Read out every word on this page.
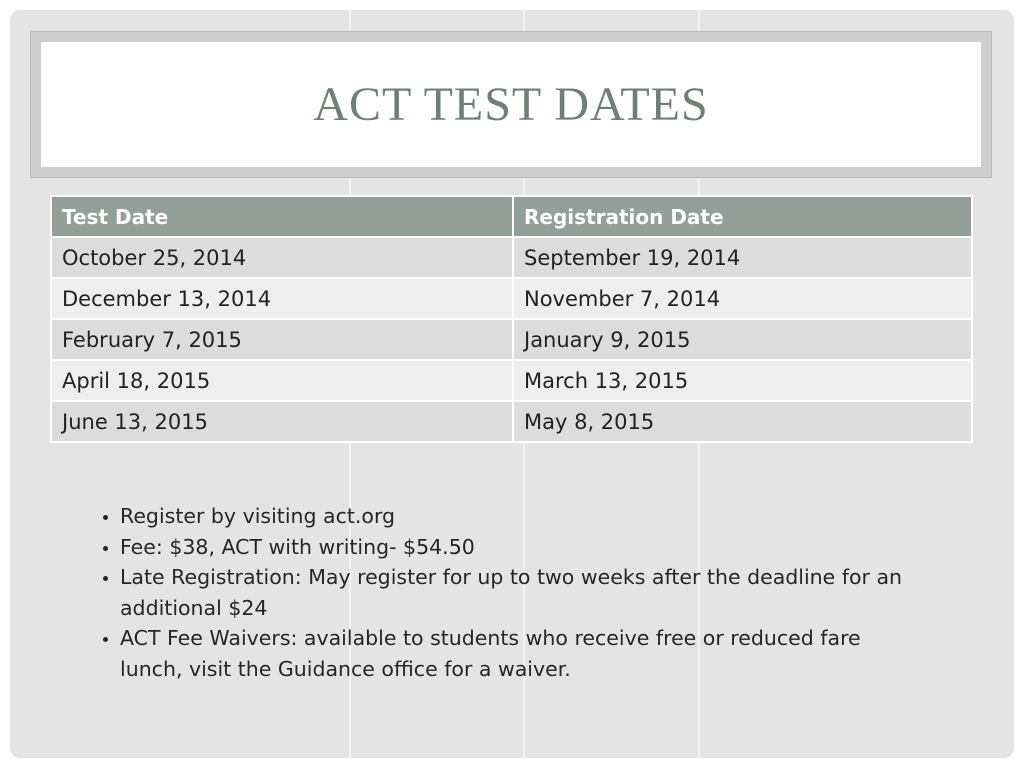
ACT TEST DATES
Test Date	Registration Date
October 25, 2014	September 19, 2014
December 13, 2014	November 7, 2014
February 7, 2015	January 9, 2015
April 18, 2015	March 13, 2015
June 13, 2015	May 8, 2015
• Register by visiting act.org
• Fee: $38, ACT with writing- $54.50
• Late Registration: May register for up to two weeks after the deadline for an additional $24
• ACT Fee Waivers: available to students who receive free or reduced fare lunch, visit the Guidance office for a waiver.
